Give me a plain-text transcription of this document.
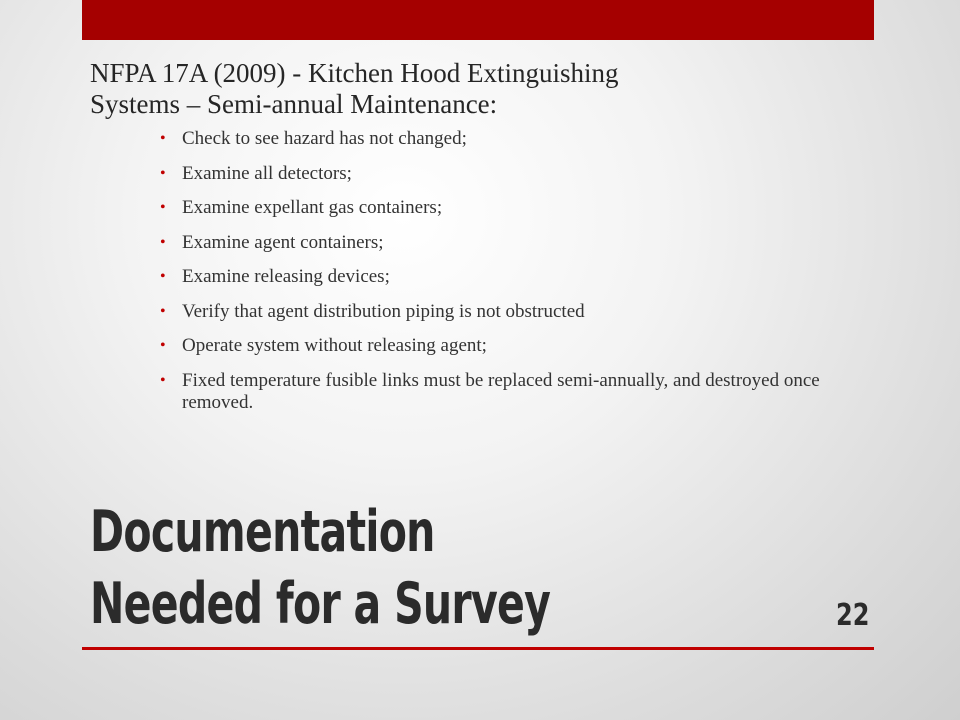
NFPA 17A (2009) - Kitchen Hood Extinguishing
Systems – Semi-annual Maintenance:
• Check to see hazard has not changed;
• Examine all detectors;
• Examine expellant gas containers;
• Examine agent containers;
• Examine releasing devices;
• Verify that agent distribution piping is not obstructed
• Operate system without releasing agent;
• Fixed temperature fusible links must be replaced semi-annually, and destroyed once removed.
Documentation
Needed for a Survey	22
